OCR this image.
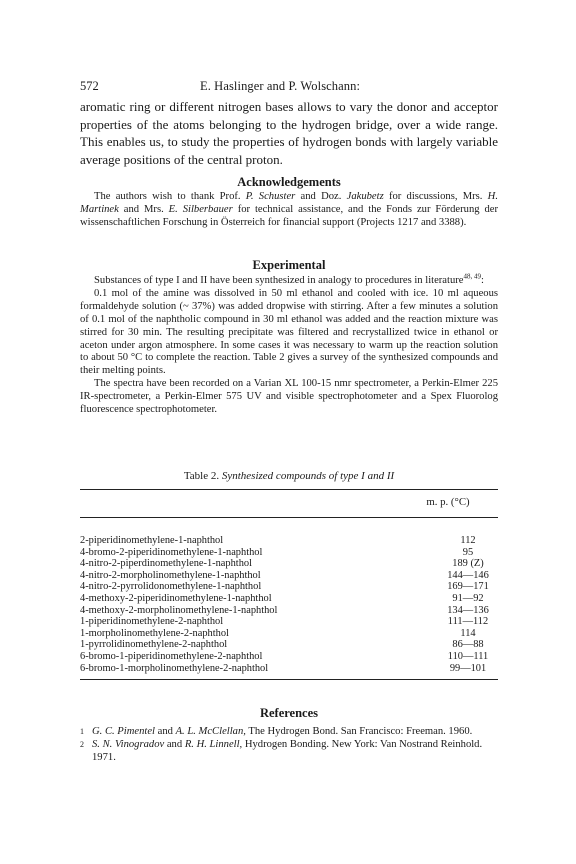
572	E. Haslinger and P. Wolschann:
aromatic ring or different nitrogen bases allows to vary the donor and acceptor properties of the atoms belonging to the hydrogen bridge, over a wide range. This enables us, to study the properties of hydrogen bonds with largely variable average positions of the central proton.
Acknowledgements

The authors wish to thank Prof. P. Schuster and Doz. Jakubetz for discussions, Mrs. H. Martinek and Mrs. E. Silberbauer for technical assistance, and the Fonds zur Förderung der wissenschaftlichen Forschung in Österreich for financial support (Projects 1217 and 3388).

Experimental

Substances of type I and II have been synthesized in analogy to procedures in literature$^{48, 49}$:

0.1 mol of the amine was dissolved in 50 ml ethanol and cooled with ice. 10 ml aqueous formaldehyde solution (~ 37%) was added dropwise with stirring. After a few minutes a solution of 0.1 mol of the naphtholic compound in 30 ml ethanol was added and the reaction mixture was stirred for 30 min. The resulting precipitate was filtered and recrystallized twice in ethanol or aceton under argon atmosphere. In some cases it was necessary to warm up the reaction solution to about 50 °C to complete the reaction. Table 2 gives a survey of the synthesized compounds and their melting points.

The spectra have been recorded on a Varian XL 100-15 nmr spectrometer, a Perkin-Elmer 225 IR-spectrometer, a Perkin-Elmer 575 UV and visible spectrophotometer and a Spex Fluorolog fluorescence spectrophotometer.

Table 2. Synthesized compounds of type I and II
m. p. (°C)
2-piperidinomethylene-1-naphthol	112
4-bromo-2-piperidinomethylene-1-naphthol	95
4-nitro-2-piperdinomethylene-1-naphthol	189 (Z)
4-nitro-2-morpholinomethylene-1-naphthol	144—146
4-nitro-2-pyrrolidonomethylene-1-naphthol	169—171
4-methoxy-2-piperidinomethylene-1-naphthol	91—92
4-methoxy-2-morpholinomethylene-1-naphthol	134—136
1-piperidinomethylene-2-naphthol	111—112
1-morpholinomethylene-2-naphthol	114
1-pyrrolidinomethylene-2-naphthol	86—88
6-bromo-1-piperidinomethylene-2-naphthol	110—111
6-bromo-1-morpholinomethylene-2-naphthol	99—101
References
1 G. C. Pimentel and A. L. McClellan, The Hydrogen Bond. San Francisco: Freeman. 1960.
2 S. N. Vinogradov and R. H. Linnell, Hydrogen Bonding. New York: Van Nostrand Reinhold. 1971.
